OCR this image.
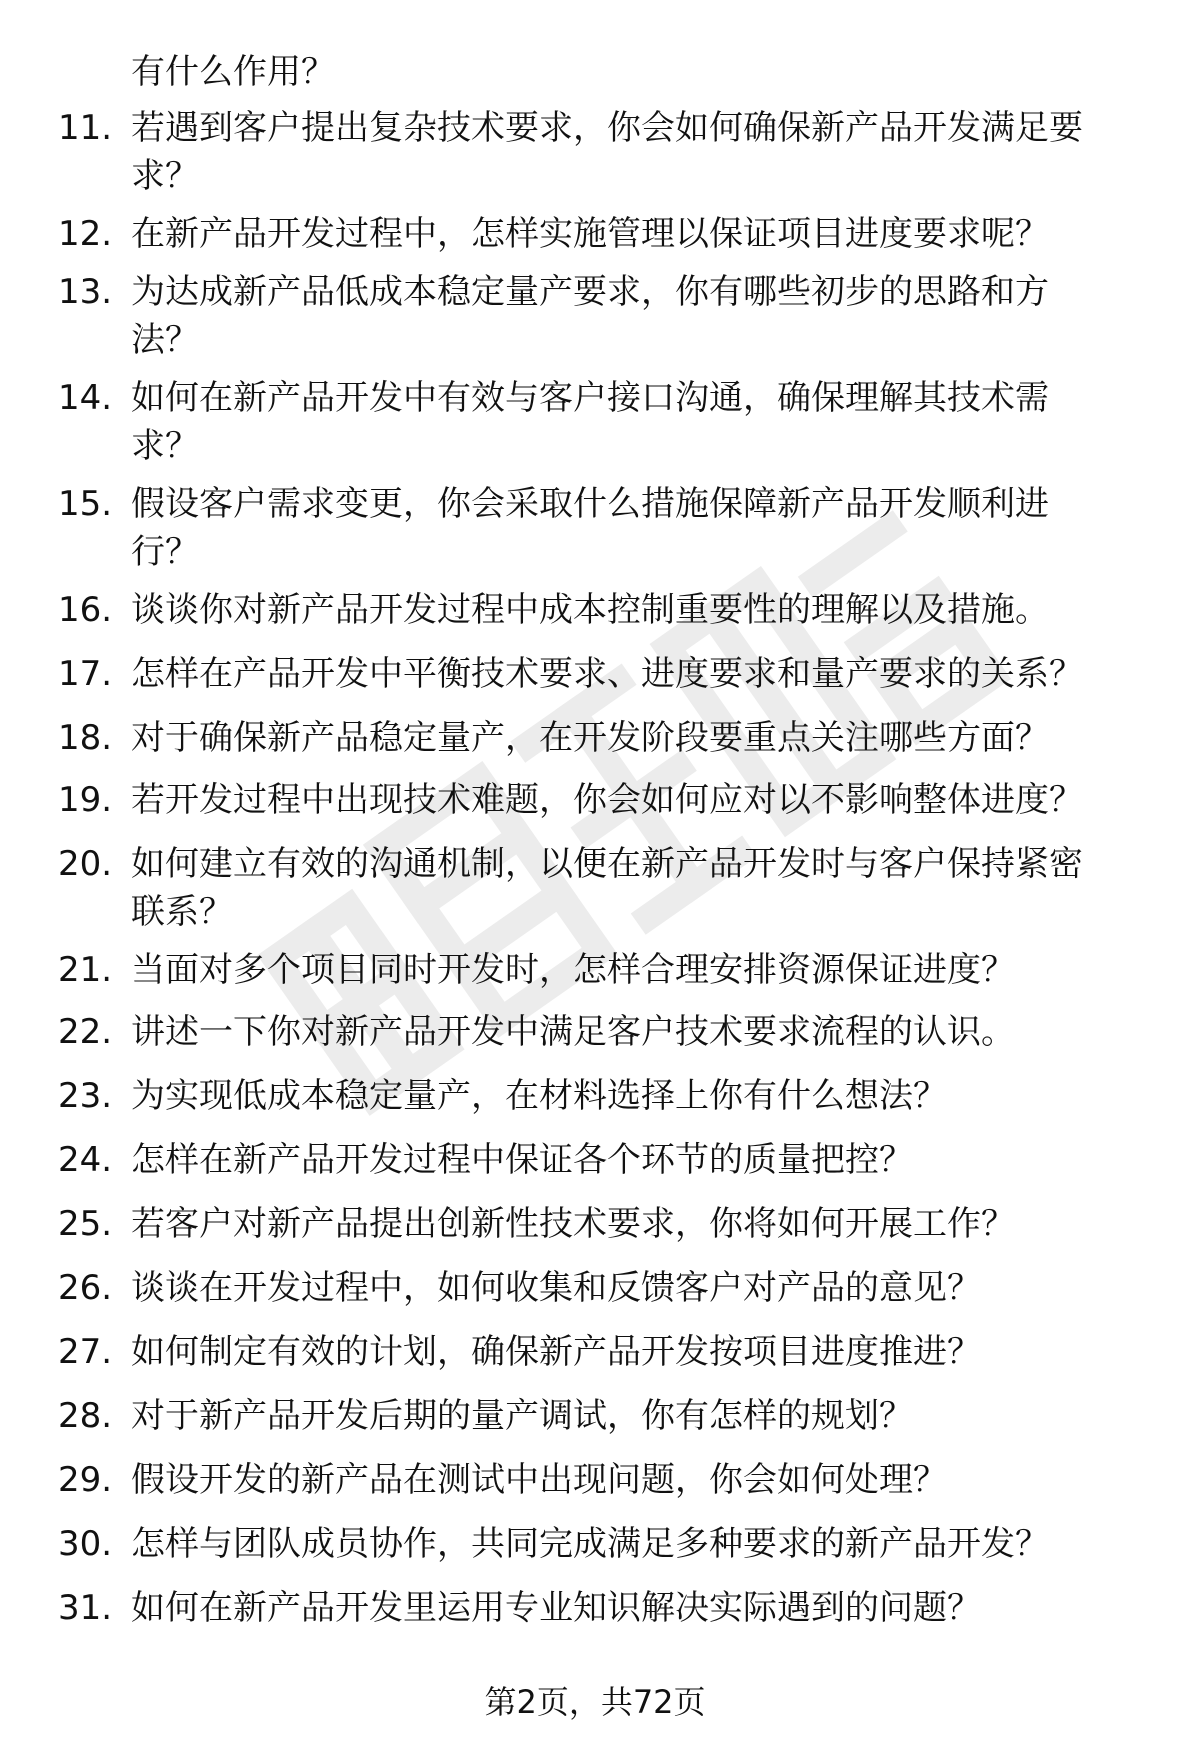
有什么作用？
11. 若遇到客户提出复杂技术要求，你会如何确保新产品开发满足要
求？
12. 在新产品开发过程中，怎样实施管理以保证项目进度要求呢？
13. 为达成新产品低成本稳定量产要求，你有哪些初步的思路和方
法？
14. 如何在新产品开发中有效与客户接口沟通，确保理解其技术需
求？
15. 假设客户需求变更，你会采取什么措施保障新产品开发顺利进
行？
16. 谈谈你对新产品开发过程中成本控制重要性的理解以及措施。
17. 怎样在产品开发中平衡技术要求、进度要求和量产要求的关系？
18. 对于确保新产品稳定量产，在开发阶段要重点关注哪些方面？
19. 若开发过程中出现技术难题，你会如何应对以不影响整体进度？
20. 如何建立有效的沟通机制，以便在新产品开发时与客户保持紧密
联系？
21. 当面对多个项目同时开发时，怎样合理安排资源保证进度？
22. 讲述一下你对新产品开发中满足客户技术要求流程的认识。
23. 为实现低成本稳定量产，在材料选择上你有什么想法？
24. 怎样在新产品开发过程中保证各个环节的质量把控？
25. 若客户对新产品提出创新性技术要求，你将如何开展工作？
26. 谈谈在开发过程中，如何收集和反馈客户对产品的意见？
27. 如何制定有效的计划，确保新产品开发按项目进度推进？
28. 对于新产品开发后期的量产调试，你有怎样的规划？
29. 假设开发的新产品在测试中出现问题，你会如何处理？
30. 怎样与团队成员协作，共同完成满足多种要求的新产品开发？
31. 如何在新产品开发里运用专业知识解决实际遇到的问题？
第2页，共72页
